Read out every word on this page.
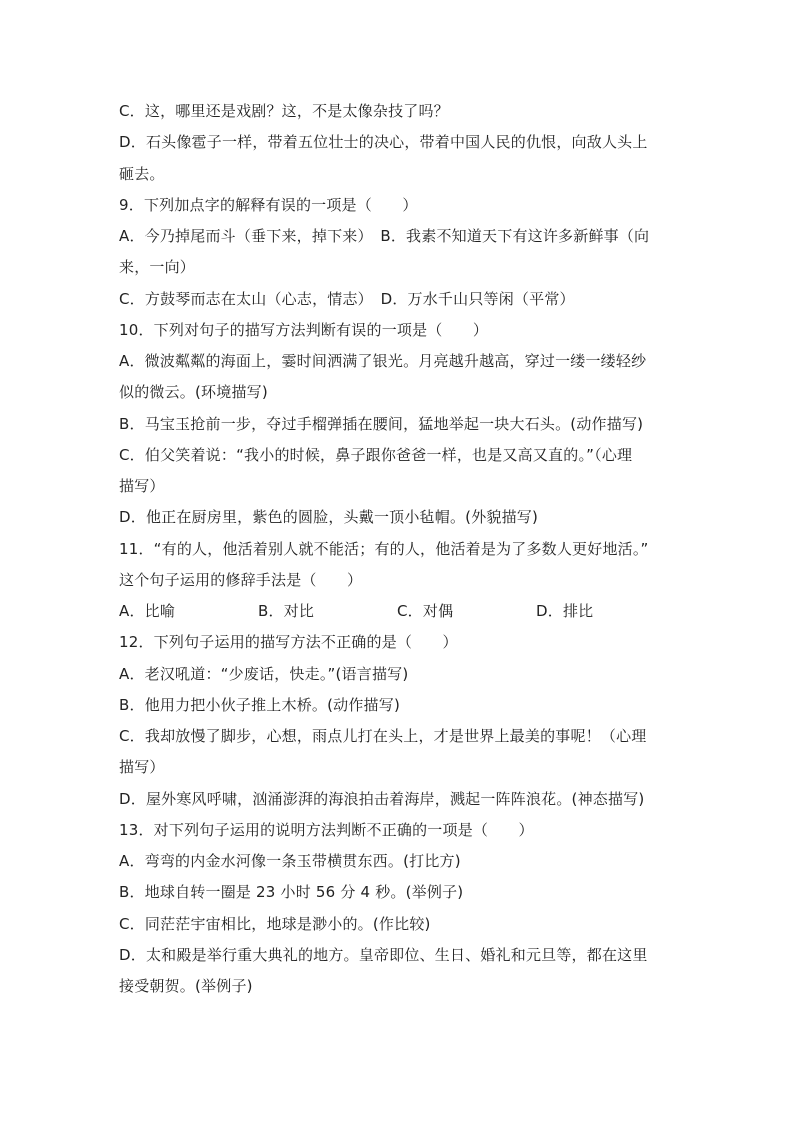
C．这，哪里还是戏剧？这，不是太像杂技了吗？
D．石头像雹子一样，带着五位壮士的决心，带着中国人民的仇恨，向敌人头上
砸去。
9．下列加点字的解释有误的一项是（　　）
A．今乃掉尾而斗（垂下来，掉下来）　B．我素不知道天下有这许多新鲜事（向
来，一向）
C．方鼓琴而志在太山（心志，情志）　D．万水千山只等闲（平常）
10．下列对句子的描写方法判断有误的一项是（　　）
A．微波粼粼的海面上，霎时间洒满了银光。月亮越升越高，穿过一缕一缕轻纱
似的微云。(环境描写)
B．马宝玉抢前一步，夺过手榴弹插在腰间，猛地举起一块大石头。(动作描写)
C．伯父笑着说：“我小的时候，鼻子跟你爸爸一样，也是又高又直的。”（心理
描写）
D．他正在厨房里，紫色的圆脸，头戴一顶小毡帽。(外貌描写)
11．“有的人，他活着别人就不能活；有的人，他活着是为了多数人更好地活。”
这个句子运用的修辞手法是（　　）
A．比喻	B．对比	C．对偶	D．排比
12．下列句子运用的描写方法不正确的是（　　）
A．老汉吼道：“少废话，快走。”(语言描写)
B．他用力把小伙子推上木桥。(动作描写)
C．我却放慢了脚步，心想，雨点儿打在头上，才是世界上最美的事呢！（心理
描写）
D．屋外寒风呼啸，汹涌澎湃的海浪拍击着海岸，溅起一阵阵浪花。(神态描写)
13．对下列句子运用的说明方法判断不正确的一项是（　　）
A．弯弯的内金水河像一条玉带横贯东西。(打比方)
B．地球自转一圈是 23 小时 56 分 4 秒。(举例子)
C．同茫茫宇宙相比，地球是渺小的。(作比较)
D．太和殿是举行重大典礼的地方。皇帝即位、生日、婚礼和元旦等，都在这里
接受朝贺。(举例子)
